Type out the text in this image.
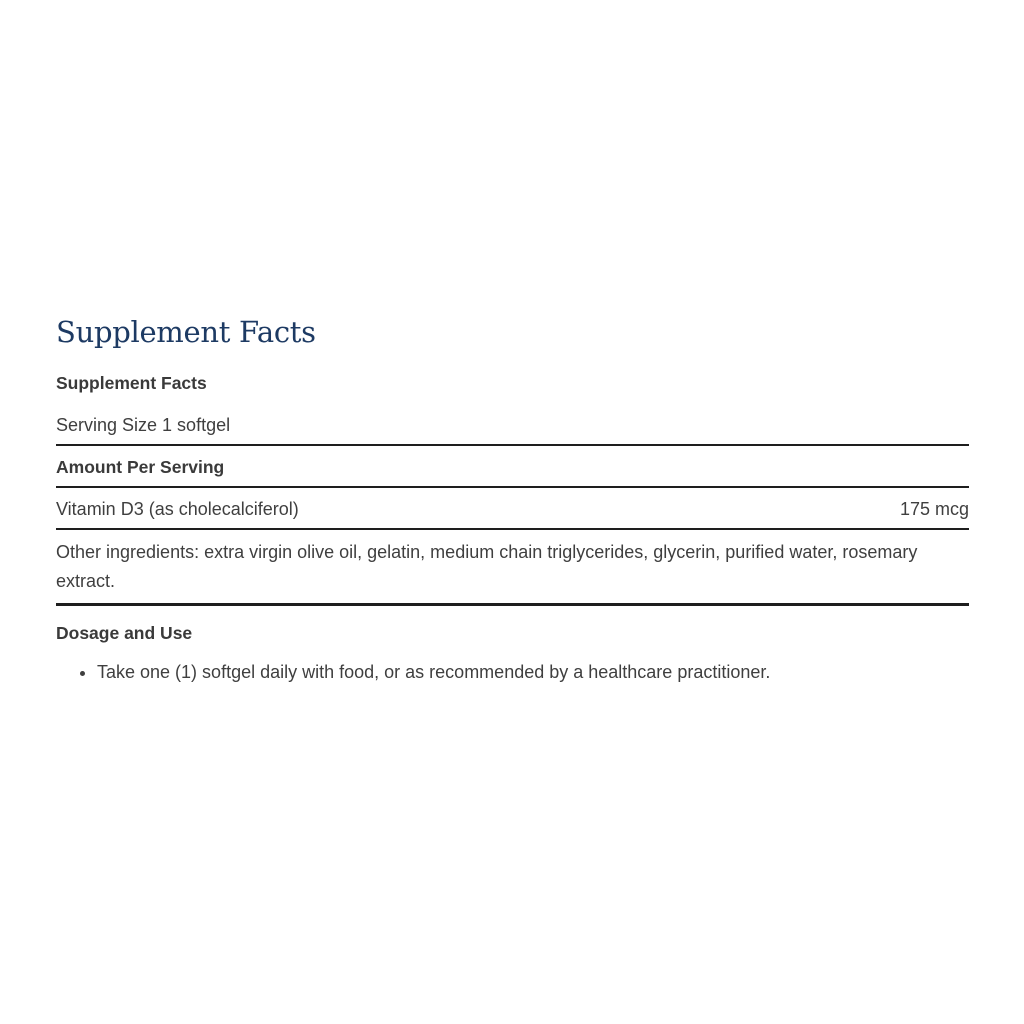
Supplement Facts
Supplement Facts
Serving Size 1 softgel
Amount Per Serving
Vitamin D3 (as cholecalciferol)	175 mcg
Other ingredients: extra virgin olive oil, gelatin, medium chain triglycerides, glycerin, purified water, rosemary extract.
Dosage and Use
• Take one (1) softgel daily with food, or as recommended by a healthcare practitioner.
